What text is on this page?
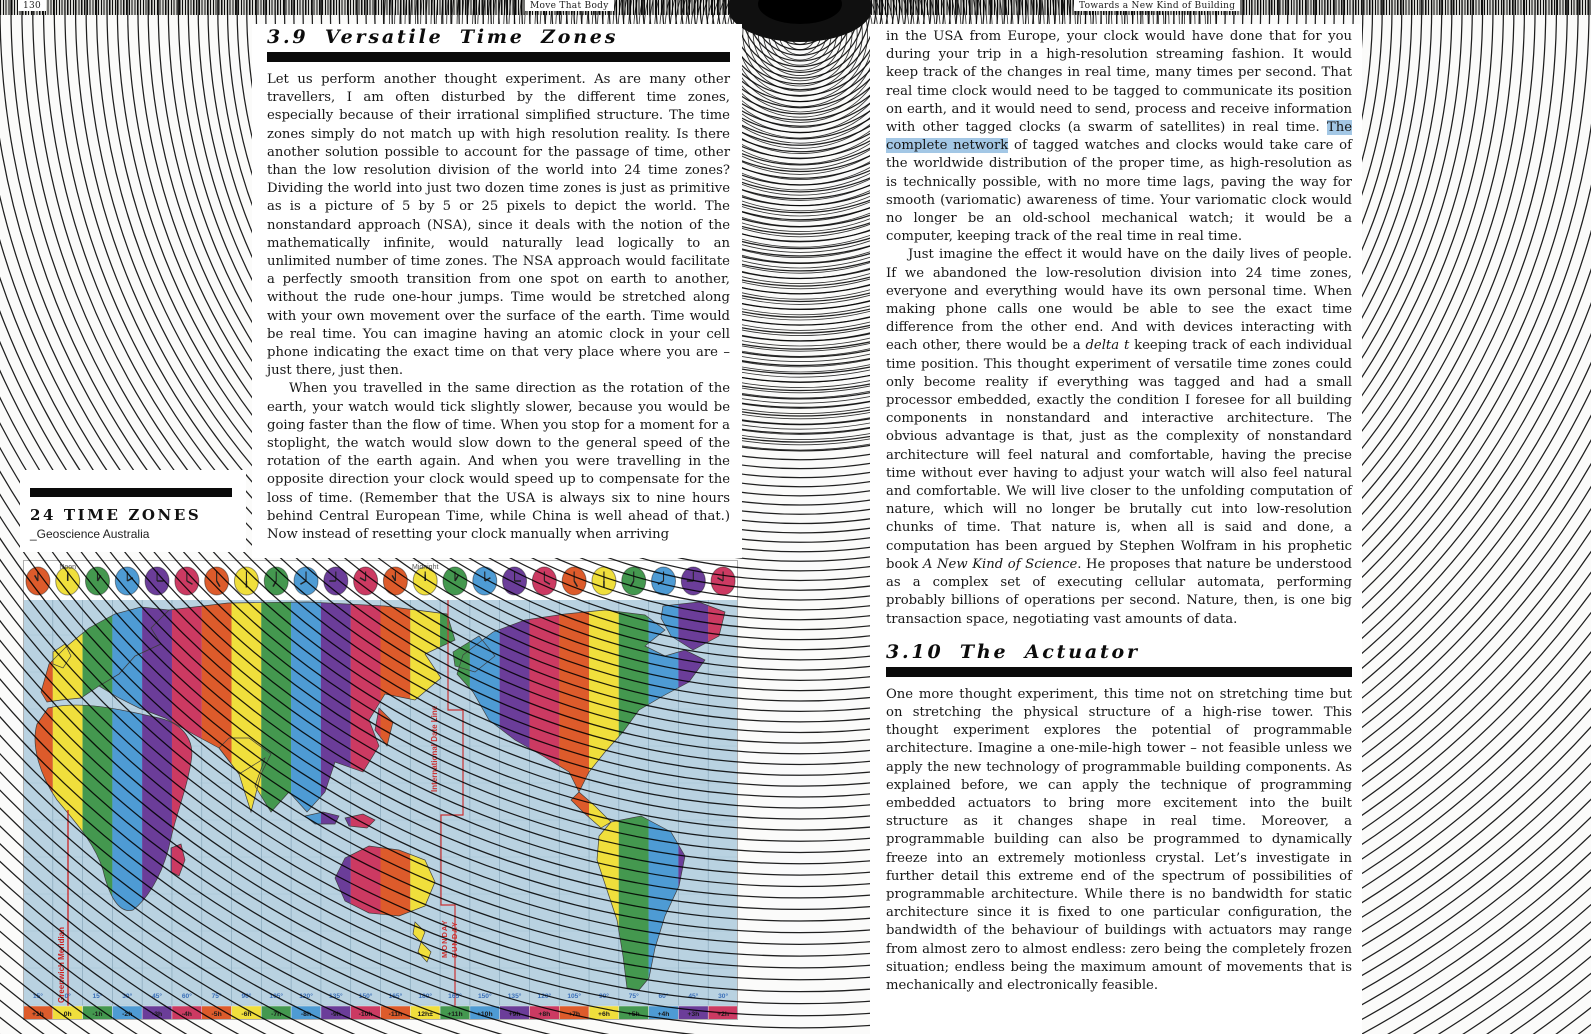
130	Move That Body	Towards a New Kind of Building
3.9 Versatile Time Zones

Let us perform another thought experiment. As are many other travellers, I am often disturbed by the different time zones, especially because of their irrational simplified structure. The time zones simply do not match up with high resolution reality. Is there another solution possible to account for the passage of time, other than the low resolution division of the world into 24 time zones? Dividing the world into just two dozen time zones is just as primitive as is a picture of 5 by 5 or 25 pixels to depict the world. The nonstandard approach (NSA), since it deals with the notion of the mathematically infinite, would naturally lead logically to an unlimited number of time zones. The NSA approach would facilitate a perfectly smooth transition from one spot on earth to another, without the rude one-hour jumps. Time would be stretched along with your own movement over the surface of the earth. Time would be real time. You can imagine having an atomic clock in your cell phone indicating the exact time on that very place where you are – just there, just then.

When you travelled in the same direction as the rotation of the earth, your watch would tick slightly slower, because you would be going faster than the flow of time. When you stop for a moment for a stoplight, the watch would slow down to the general speed of the rotation of the earth again. And when you were travelling in the opposite direction your clock would speed up to compensate for the loss of time. (Remember that the USA is always six to nine hours behind Central European Time, while China is well ahead of that.) Now instead of resetting your clock manually when arriving

24 TIME ZONES
_Geoscience Australia
Greenwich Meridian
International Date Line
MONDAY SUNDAY
Noon	Midnight
15°	0°	15°	30°	45°	60°	75°	90°	105° 120° 135° 150° 165° 180° 165° 150° 135° 120° 105°	90°	75°	60°	45°	30°
+1h	0h	-1h	-2h	-3h	-4h	-5h	-6h	-7h	-8h	-9h	-10h -11h 12h± +11h +10h +9h	+8h	+7h	+6h	+5h	+4h	+3h	+2h

in the USA from Europe, your clock would have done that for you during your trip in a high-resolution streaming fashion. It would keep track of the changes in real time, many times per second. That real time clock would need to be tagged to communicate its position on earth, and it would need to send, process and receive information with other tagged clocks (a swarm of satellites) in real time. The complete network of tagged watches and clocks would take care of the worldwide distribution of the proper time, as high-resolution as is technically possible, with no more time lags, paving the way for smooth (variomatic) awareness of time. Your variomatic clock would no longer be an old-school mechanical watch; it would be a computer, keeping track of the real time in real time.

Just imagine the effect it would have on the daily lives of people. If we abandoned the low-resolution division into 24 time zones, everyone and everything would have its own personal time. When making phone calls one would be able to see the exact time difference from the other end. And with devices interacting with each other, there would be a delta t keeping track of each individual time position. This thought experiment of versatile time zones could only become reality if everything was tagged and had a small processor embedded, exactly the condition I foresee for all building components in nonstandard and interactive architecture. The obvious advantage is that, just as the complexity of nonstandard architecture will feel natural and comfortable, having the precise time without ever having to adjust your watch will also feel natural and comfortable. We will live closer to the unfolding computation of nature, which will no longer be brutally cut into low-resolution chunks of time. That nature is, when all is said and done, a computation has been argued by Stephen Wolfram in his prophetic book A New Kind of Science. He proposes that nature be understood as a complex set of executing cellular automata, performing probably billions of operations per second. Nature, then, is one big transaction space, negotiating vast amounts of data.

3.10 The Actuator

One more thought experiment, this time not on stretching time but on stretching the physical structure of a high-rise tower. This thought experiment explores the potential of programmable architecture. Imagine a one-mile-high tower – not feasible unless we apply the new technology of programmable building components. As explained before, we can apply the technique of programming embedded actuators to bring more excitement into the built structure as it changes shape in real time. Moreover, a programmable building can also be programmed to dynamically freeze into an extremely motionless crystal. Let’s investigate in further detail this extreme end of the spectrum of possibilities of programmable architecture. While there is no bandwidth for static architecture since it is fixed to one particular configuration, the bandwidth of the behaviour of buildings with actuators may range from almost zero to almost endless: zero being the completely frozen situation; endless being the maximum amount of movements that is mechanically and electronically feasible.
